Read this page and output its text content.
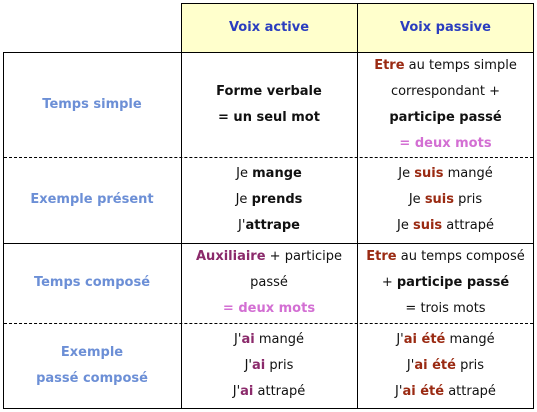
Voix active	Voix passive
Temps simple
Forme verbale
= un seul mot
Etre au temps simple
correspondant +
participe passé
= deux mots
Exemple présent
Je mange
Je prends
J'attrape
Je suis mangé
Je suis pris
Je suis attrapé
Temps composé
Auxiliaire + participe
passé
= deux mots
Etre au temps composé
+ participe passé
= trois mots
Exemple
passé composé
J'ai mangé
J'ai pris
J'ai attrapé
J'ai été mangé
J'ai été pris
J'ai été attrapé
